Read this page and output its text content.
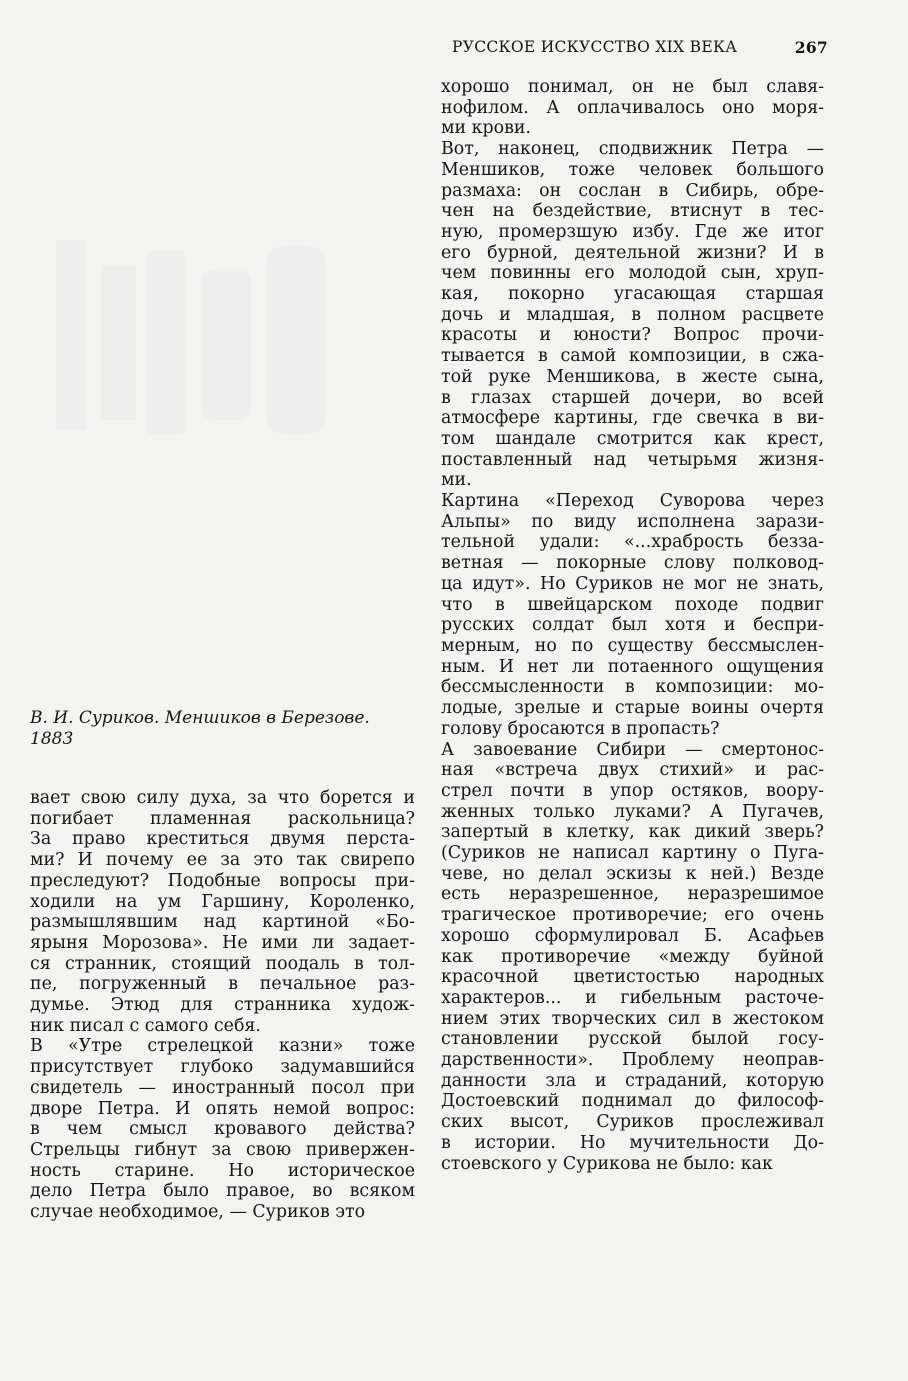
РУССКОЕ ИСКУССТВО XIX ВЕКА	267
В. И. Суриков. Меншиков в Березове.
1883

вает свою силу духа, за что борется и
погибает пламенная раскольница?
За право креститься двумя перста-
ми? И почему ее за это так свирепо
преследуют? Подобные вопросы при-
ходили на ум Гаршину, Короленко,
размышлявшим над картиной «Бо-
ярыня Морозова». Не ими ли задает-
ся странник, стоящий поодаль в тол-
пе, погруженный в печальное раз-
думье. Этюд для странника худож-
ник писал с самого себя.

В «Утре стрелецкой казни» тоже
присутствует глубоко задумавшийся
свидетель — иностранный посол при
дворе Петра. И опять немой вопрос:
в чем смысл кровавого действа?
Стрельцы гибнут за свою привержен-
ность старине. Но историческое
дело Петра было правое, во всяком
случае необходимое, — Суриков это

хорошо понимал, он не был славя-
нофилом. А оплачивалось оно моря-
ми крови.

Вот, наконец, сподвижник Петра —
Меншиков, тоже человек большого
размаха: он сослан в Сибирь, обре-
чен на бездействие, втиснут в тес-
ную, промерзшую избу. Где же итог
его бурной, деятельной жизни? И в
чем повинны его молодой сын, хруп-
кая, покорно угасающая старшая
дочь и младшая, в полном расцвете
красоты и юности? Вопрос прочи-
тывается в самой композиции, в сжа-
той руке Меншикова, в жесте сына,
в глазах старшей дочери, во всей
атмосфере картины, где свечка в ви-
том шандале смотрится как крест,
поставленный над четырьмя жизня-
ми.

Картина «Переход Суворова через
Альпы» по виду исполнена зарази-
тельной удали: «...храбрость безза-
ветная — покорные слову полковод-
ца идут». Но Суриков не мог не знать,
что в швейцарском походе подвиг
русских солдат был хотя и беспри-
мерным, но по существу бессмыслен-
ным. И нет ли потаенного ощущения
бессмысленности в композиции: мо-
лодые, зрелые и старые воины очертя
голову бросаются в пропасть?

А завоевание Сибири — смертонос-
ная «встреча двух стихий» и рас-
стрел почти в упор остяков, воору-
женных только луками? А Пугачев,
запертый в клетку, как дикий зверь?
(Суриков не написал картину о Пуга-
чеве, но делал эскизы к ней.) Везде
есть неразрешенное, неразрешимое
трагическое противоречие; его очень
хорошо сформулировал Б. Асафьев
как противоречие «между буйной
красочной цветистостью народных
характеров... и гибельным расточе-
нием этих творческих сил в жестоком
становлении русской былой госу-
дарственности». Проблему неоправ-
данности зла и страданий, которую
Достоевский поднимал до философ-
ских высот, Суриков прослеживал
в истории. Но мучительности До-
стоевского у Сурикова не было: как
